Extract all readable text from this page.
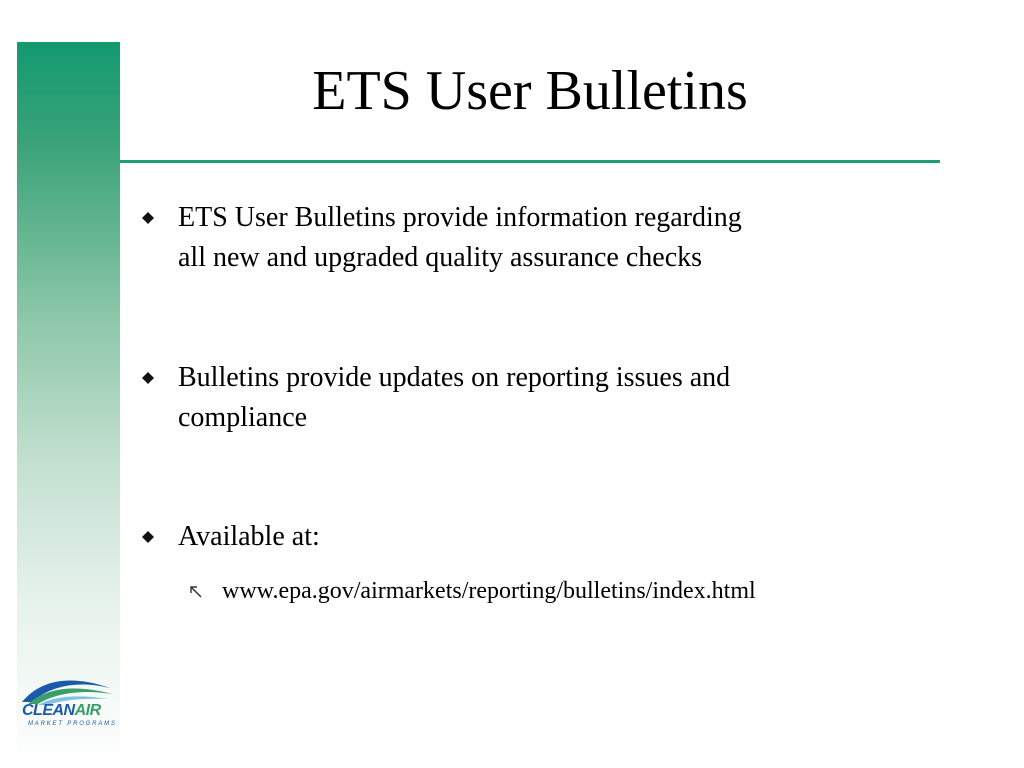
ETS User Bulletins
ETS User Bulletins provide information regarding
all new and upgraded quality assurance checks
Bulletins provide updates on reporting issues and
compliance
Available at:
www.epa.gov/airmarkets/reporting/bulletins/index.html
CLEANAIR
MARKET PROGRAMS
